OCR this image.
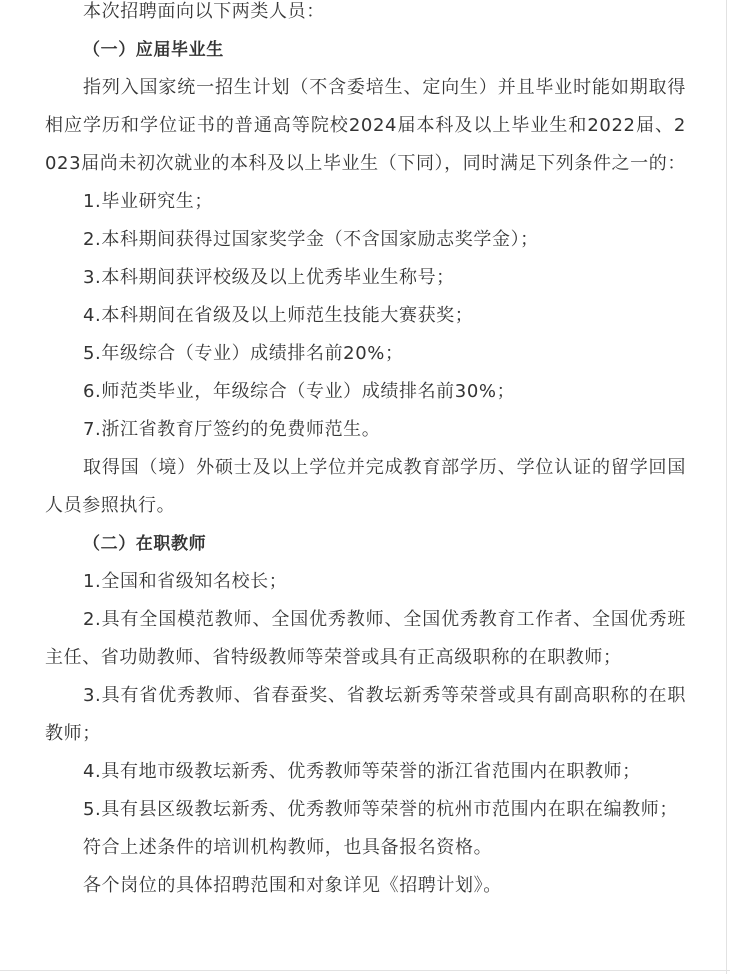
本次招聘面向以下两类人员：

（一）应届毕业生

指列入国家统一招生计划（不含委培生、定向生）并且毕业时能如期取得相应学历和学位证书的普通高等院校2024届本科及以上毕业生和2022届、2023届尚未初次就业的本科及以上毕业生（下同），同时满足下列条件之一的：

1.毕业研究生；

2.本科期间获得过国家奖学金（不含国家励志奖学金）；

3.本科期间获评校级及以上优秀毕业生称号；

4.本科期间在省级及以上师范生技能大赛获奖；

5.年级综合（专业）成绩排名前20%；

6.师范类毕业，年级综合（专业）成绩排名前30%；

7.浙江省教育厅签约的免费师范生。

取得国（境）外硕士及以上学位并完成教育部学历、学位认证的留学回国人员参照执行。

（二）在职教师

1.全国和省级知名校长；

2.具有全国模范教师、全国优秀教师、全国优秀教育工作者、全国优秀班主任、省功勋教师、省特级教师等荣誉或具有正高级职称的在职教师；

3.具有省优秀教师、省春蚕奖、省教坛新秀等荣誉或具有副高职称的在职教师；

4.具有地市级教坛新秀、优秀教师等荣誉的浙江省范围内在职教师；

5.具有县区级教坛新秀、优秀教师等荣誉的杭州市范围内在职在编教师；

符合上述条件的培训机构教师，也具备报名资格。

各个岗位的具体招聘范围和对象详见《招聘计划》。
